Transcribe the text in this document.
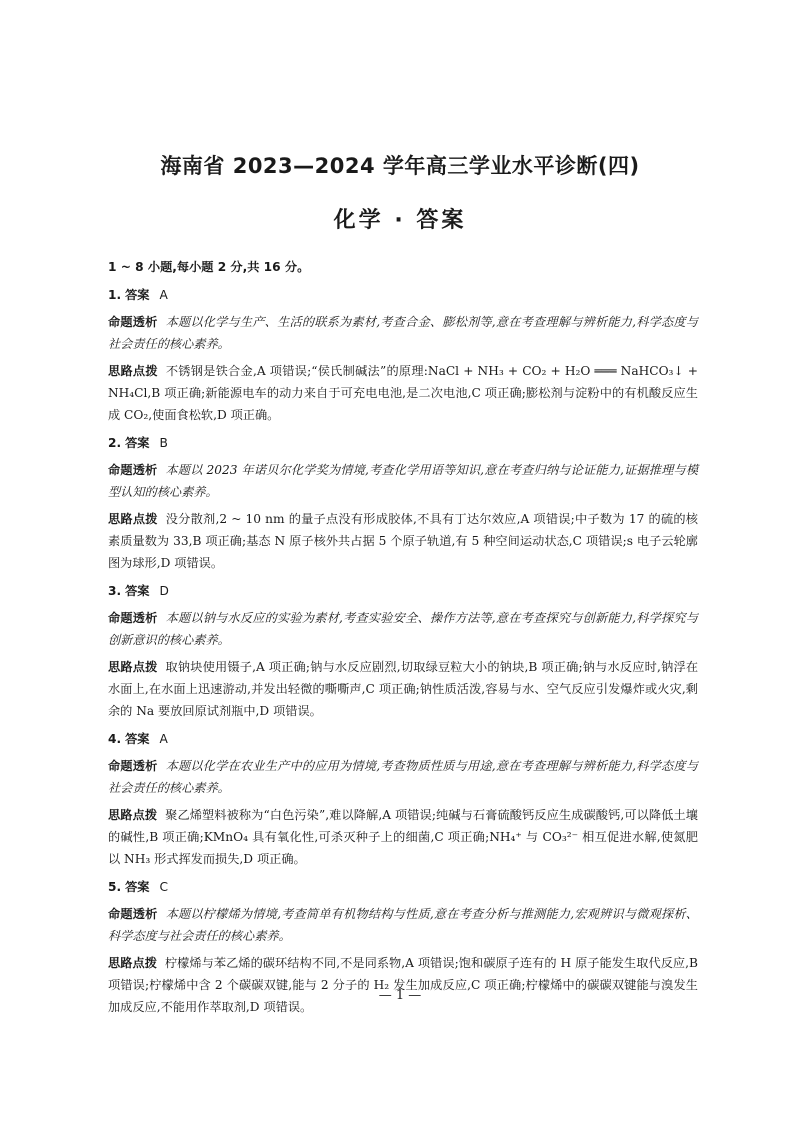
海南省 2023—2024 学年高三学业水平诊断(四)
化学 · 答案
1 ~ 8 小题,每小题 2 分,共 16 分。
1. 答案 A
命题透析 本题以化学与生产、生活的联系为素材,考查合金、膨松剂等,意在考查理解与辨析能力,科学态度与社会责任的核心素养。
思路点拨 不锈钢是铁合金,A 项错误;“侯氏制碱法”的原理:NaCl + NH₃ + CO₂ + H₂O ═══ NaHCO₃↓ + NH₄Cl,B 项正确;新能源电车的动力来自于可充电电池,是二次电池,C 项正确;膨松剂与淀粉中的有机酸反应生成 CO₂,使面食松软,D 项正确。
2. 答案 B
命题透析 本题以 2023 年诺贝尔化学奖为情境,考查化学用语等知识,意在考查归纳与论证能力,证据推理与模型认知的核心素养。
思路点拨 没分散剂,2 ~ 10 nm 的量子点没有形成胶体,不具有丁达尔效应,A 项错误;中子数为 17 的硫的核素质量数为 33,B 项正确;基态 N 原子核外共占据 5 个原子轨道,有 5 种空间运动状态,C 项错误;s 电子云轮廓图为球形,D 项错误。
3. 答案 D
命题透析 本题以钠与水反应的实验为素材,考查实验安全、操作方法等,意在考查探究与创新能力,科学探究与创新意识的核心素养。
思路点拨 取钠块使用镊子,A 项正确;钠与水反应剧烈,切取绿豆粒大小的钠块,B 项正确;钠与水反应时,钠浮在水面上,在水面上迅速游动,并发出轻微的嘶嘶声,C 项正确;钠性质活泼,容易与水、空气反应引发爆炸或火灾,剩余的 Na 要放回原试剂瓶中,D 项错误。
4. 答案 A
命题透析 本题以化学在农业生产中的应用为情境,考查物质性质与用途,意在考查理解与辨析能力,科学态度与社会责任的核心素养。
思路点拨 聚乙烯塑料被称为“白色污染”,难以降解,A 项错误;纯碱与石膏硫酸钙反应生成碳酸钙,可以降低土壤的碱性,B 项正确;KMnO₄ 具有氧化性,可杀灭种子上的细菌,C 项正确;NH₄⁺ 与 CO₃²⁻ 相互促进水解,使氮肥以 NH₃ 形式挥发而损失,D 项正确。
5. 答案 C
命题透析 本题以柠檬烯为情境,考查简单有机物结构与性质,意在考查分析与推测能力,宏观辨识与微观探析、科学态度与社会责任的核心素养。
思路点拨 柠檬烯与苯乙烯的碳环结构不同,不是同系物,A 项错误;饱和碳原子连有的 H 原子能发生取代反应,B 项错误;柠檬烯中含 2 个碳碳双键,能与 2 分子的 H₂ 发生加成反应,C 项正确;柠檬烯中的碳碳双键能与溴发生加成反应,不能用作萃取剂,D 项错误。
— 1 —
